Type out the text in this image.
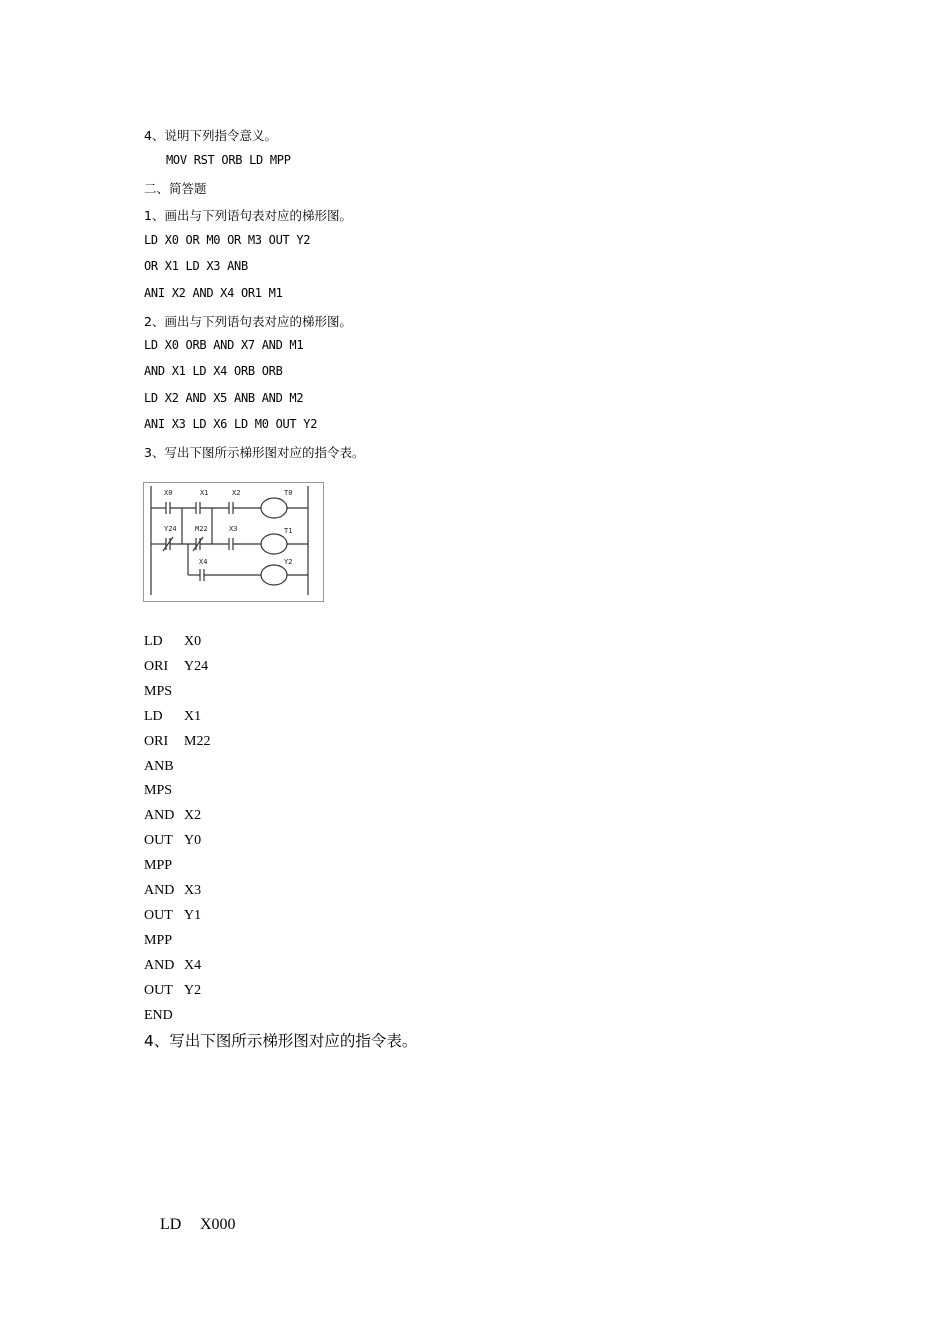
4、说明下列指令意义。
MOV RST ORB LD MPP
二、简答题
1、画出与下列语句表对应的梯形图。
LD X0 OR M0 OR M3 OUT Y2
OR X1 LD X3 ANB
ANI X2 AND X4 OR1 M1
2、画出与下列语句表对应的梯形图。
LD X0 ORB AND X7 AND M1
AND X1 LD X4 ORB ORB
LD X2 AND X5 ANB AND M2
ANI X3 LD X6 LD M0 OUT Y2
3、写出下图所示梯形图对应的指令表。
X0	X1	X2	T0
Y24	M22	X3	T1
X4	Y2
LD X0
ORI Y24
MPS
LD X1
ORI M22
ANB
MPS
AND X2
OUT Y0
MPP
AND X3
OUT Y1
MPP
AND X4
OUT Y2
END
4、写出下图所示梯形图对应的指令表。

LD X000
